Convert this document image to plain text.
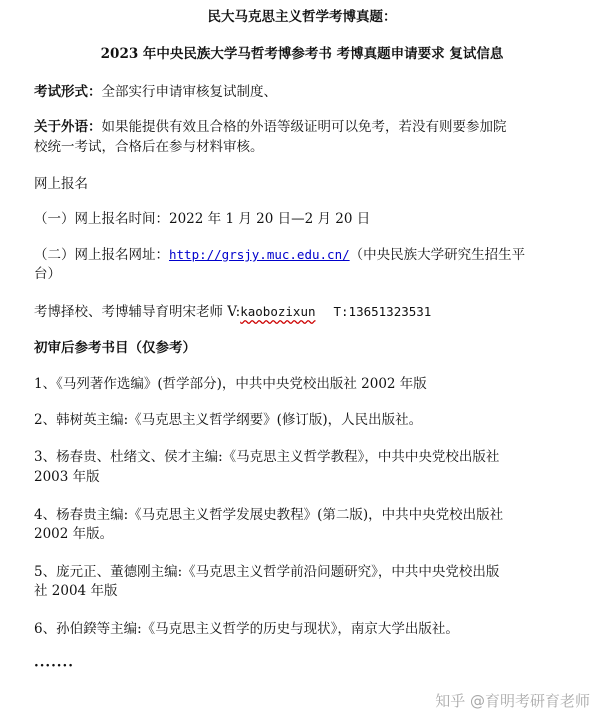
民大马克思主义哲学考博真题：
2023 年中央民族大学马哲考博参考书 考博真题申请要求 复试信息
考试形式：全部实行申请审核复试制度、
关于外语：如果能提供有效且合格的外语等级证明可以免考，若没有则要参加院
校统一考试，合格后在参与材料审核。
网上报名
（一）网上报名时间：2022 年 1 月 20 日—2 月 20 日
（二）网上报名网址：http://grsjy.muc.edu.cn/（中央民族大学研究生招生平
台）
考博择校、考博辅导育明宋老师 V:kaobozixun T:13651323531
初审后参考书目（仅参考）
1、《马列著作选编》(哲学部分)，中共中央党校出版社 2002 年版
2、韩树英主编:《马克思主义哲学纲要》(修订版)，人民出版社。
3、杨春贵、杜绪文、侯才主编:《马克思主义哲学教程》，中共中央党校出版社
2003 年版
4、杨春贵主编:《马克思主义哲学发展史教程》(第二版)，中共中央党校出版社
2002 年版。
5、庞元正、董德刚主编:《马克思主义哲学前沿问题研究》，中共中央党校出版
社 2004 年版
6、孙伯鍨等主编:《马克思主义哲学的历史与现状》，南京大学出版社。
·······
知乎 @育明考研育老师
